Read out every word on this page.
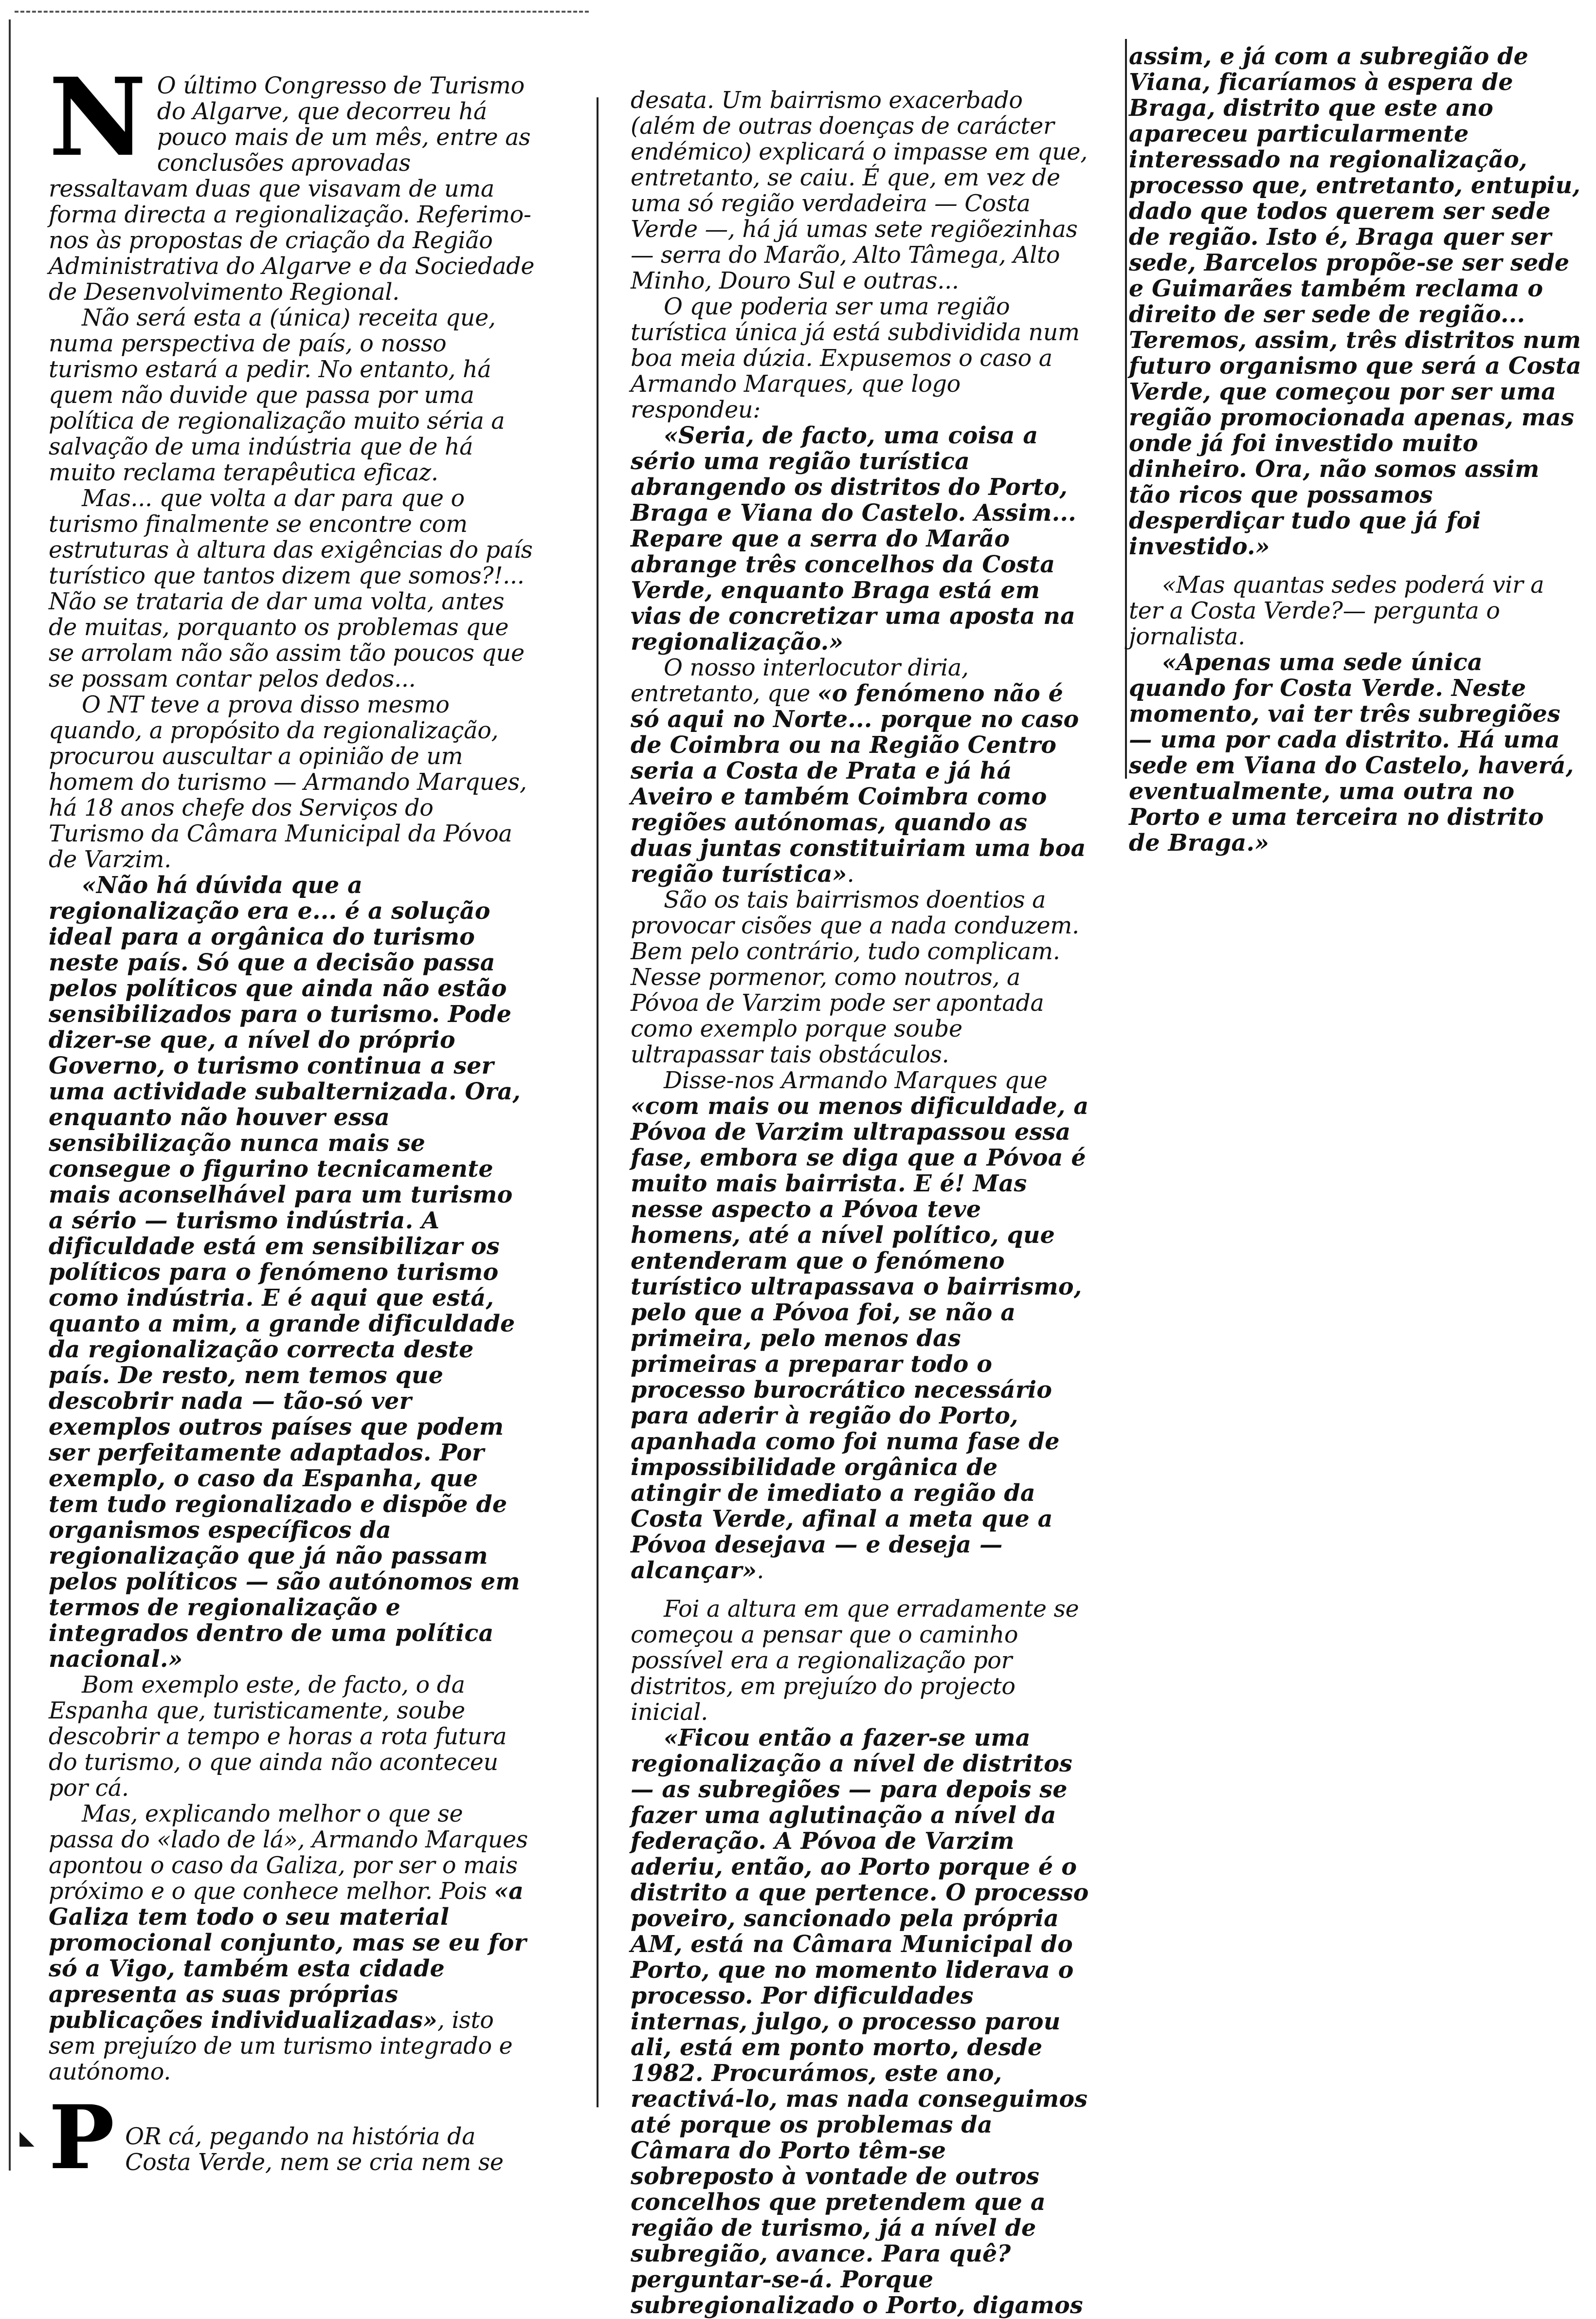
N O último Congresso de Turismo do Algarve, que decorreu há pouco mais de um mês, entre as conclusões aprovadas ressaltavam duas que visavam de uma forma directa a regionalização. Referimo-nos às propostas de criação da Região Administrativa do Algarve e da Sociedade de Desenvolvimento Regional.

Não será esta a (única) receita que, numa perspectiva de país, o nosso turismo estará a pedir. No entanto, há quem não duvide que passa por uma política de regionalização muito séria a salvação de uma indústria que de há muito reclama terapêutica eficaz.

Mas... que volta a dar para que o turismo finalmente se encontre com estruturas à altura das exigências do país turístico que tantos dizem que somos?!... Não se trataria de dar uma volta, antes de muitas, porquanto os problemas que se arrolam não são assim tão poucos que se possam contar pelos dedos...

O NT teve a prova disso mesmo quando, a propósito da regionalização, procurou auscultar a opinião de um homem do turismo — Armando Marques, há 18 anos chefe dos Serviços do Turismo da Câmara Municipal da Póvoa de Varzim.

«Não há dúvida que a regionalização era e... é a solução ideal para a orgânica do turismo neste país. Só que a decisão passa pelos políticos que ainda não estão sensibilizados para o turismo. Pode dizer-se que, a nível do próprio Governo, o turismo continua a ser uma actividade subalternizada. Ora, enquanto não houver essa sensibilização nunca mais se consegue o figurino tecnicamente mais aconselhável para um turismo a sério — turismo indústria. A dificuldade está em sensibilizar os políticos para o fenómeno turismo como indústria. E é aqui que está, quanto a mim, a grande dificuldade da regionalização correcta deste país. De resto, nem temos que descobrir nada — tão-só ver exemplos outros países que podem ser perfeitamente adaptados. Por exemplo, o caso da Espanha, que tem tudo regionalizado e dispõe de organismos específicos da regionalização que já não passam pelos políticos — são autónomos em termos de regionalização e integrados dentro de uma política nacional.»

Bom exemplo este, de facto, o da Espanha que, turisticamente, soube descobrir a tempo e horas a rota futura do turismo, o que ainda não aconteceu por cá.

Mas, explicando melhor o que se passa do «lado de lá», Armando Marques apontou o caso da Galiza, por ser o mais próximo e o que conhece melhor. Pois «a Galiza tem todo o seu material promocional conjunto, mas se eu for só a Vigo, também esta cidade apresenta as suas próprias publicações individualizadas», isto sem prejuízo de um turismo integrado e autónomo.

P OR cá, pegando na história da Costa Verde, nem se cria nem se

desata. Um bairrismo exacerbado (além de outras doenças de carácter endémico) explicará o impasse em que, entretanto, se caiu. É que, em vez de uma só região verdadeira — Costa Verde —, há já umas sete regiõezinhas — serra do Marão, Alto Tâmega, Alto Minho, Douro Sul e outras...

O que poderia ser uma região turística única já está subdividida num boa meia dúzia. Expusemos o caso a Armando Marques, que logo respondeu:

«Seria, de facto, uma coisa a sério uma região turística abrangendo os distritos do Porto, Braga e Viana do Castelo. Assim... Repare que a serra do Marão abrange três concelhos da Costa Verde, enquanto Braga está em vias de concretizar uma aposta na regionalização.»

O nosso interlocutor diria, entretanto, que «o fenómeno não é só aqui no Norte... porque no caso de Coimbra ou na Região Centro seria a Costa de Prata e já há Aveiro e também Coimbra como regiões autónomas, quando as duas juntas constituiriam uma boa região turística».

São os tais bairrismos doentios a provocar cisões que a nada conduzem. Bem pelo contrário, tudo complicam. Nesse pormenor, como noutros, a Póvoa de Varzim pode ser apontada como exemplo porque soube ultrapassar tais obstáculos.

Disse-nos Armando Marques que «com mais ou menos dificuldade, a Póvoa de Varzim ultrapassou essa fase, embora se diga que a Póvoa é muito mais bairrista. E é! Mas nesse aspecto a Póvoa teve homens, até a nível político, que entenderam que o fenómeno turístico ultrapassava o bairrismo, pelo que a Póvoa foi, se não a primeira, pelo menos das primeiras a preparar todo o processo burocrático necessário para aderir à região do Porto, apanhada como foi numa fase de impossibilidade orgânica de atingir de imediato a região da Costa Verde, afinal a meta que a Póvoa desejava — e deseja — alcançar».

Foi a altura em que erradamente se começou a pensar que o caminho possível era a regionalização por distritos, em prejuízo do projecto inicial.

«Ficou então a fazer-se uma regionalização a nível de distritos — as subregiões — para depois se fazer uma aglutinação a nível da federação. A Póvoa de Varzim aderiu, então, ao Porto porque é o distrito a que pertence. O processo poveiro, sancionado pela própria AM, está na Câmara Municipal do Porto, que no momento liderava o processo. Por dificuldades internas, julgo, o processo parou ali, está em ponto morto, desde 1982. Procurámos, este ano, reactivá-lo, mas nada conseguimos até porque os problemas da Câmara do Porto têm-se sobreposto à vontade de outros concelhos que pretendem que a região de turismo, já a nível de subregião, avance. Para quê? perguntar-se-á. Porque subregionalizado o Porto, digamos

assim, e já com a subregião de Viana, ficaríamos à espera de Braga, distrito que este ano apareceu particularmente interessado na regionalização, processo que, entretanto, entupiu, dado que todos querem ser sede de região. Isto é, Braga quer ser sede, Barcelos propõe-se ser sede e Guimarães também reclama o direito de ser sede de região... Teremos, assim, três distritos num futuro organismo que será a Costa Verde, que começou por ser uma região promocionada apenas, mas onde já foi investido muito dinheiro. Ora, não somos assim tão ricos que possamos desperdiçar tudo que já foi investido.»

«Mas quantas sedes poderá vir a ter a Costa Verde?— pergunta o jornalista.

«Apenas uma sede única quando for Costa Verde. Neste momento, vai ter três subregiões — uma por cada distrito. Há uma sede em Viana do Castelo, haverá, eventualmente, uma outra no Porto e uma terceira no distrito de Braga.»

◣
